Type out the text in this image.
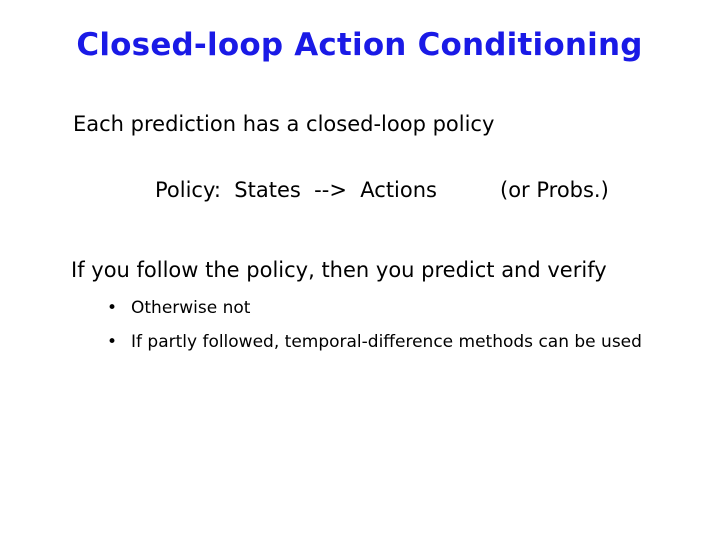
Closed-loop Action Conditioning
Each prediction has a closed-loop policy
Policy:  States  -->  Actions	(or Probs.)
If you follow the policy, then you predict and verify
• Otherwise not
• If partly followed, temporal-difference methods can be used
